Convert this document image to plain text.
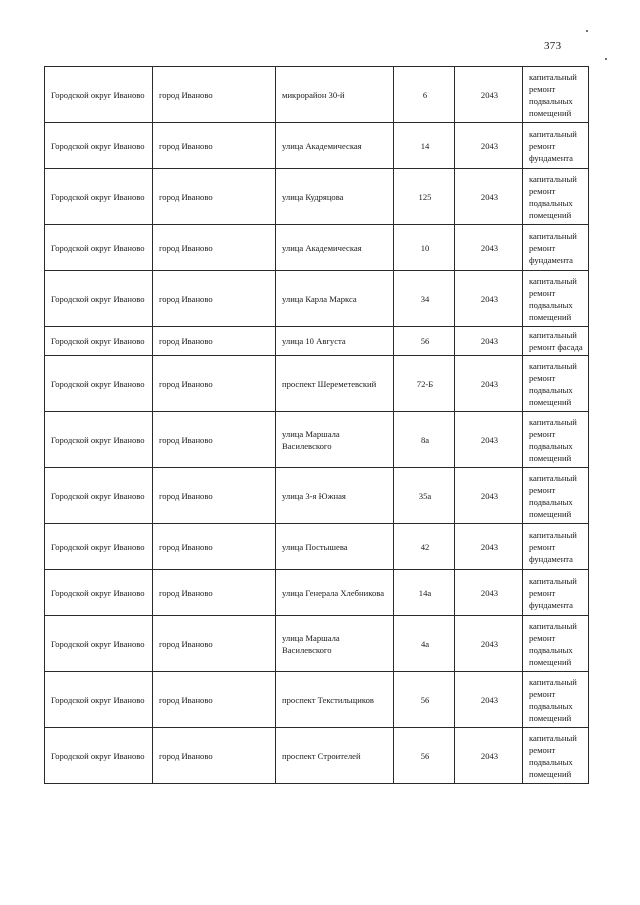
373
Городской округ Иваново	город Иваново	микрорайон 30-й	6	2043	капитальный ремонт подвальных помещений

Городской округ Иваново	город Иваново	улица Академическая	14	2043	капитальный ремонт фундамента

Городской округ Иваново	город Иваново	улица Кудряцова	125	2043	капитальный ремонт подвальных помещений

Городской округ Иваново	город Иваново	улица Академическая	10	2043	капитальный ремонт фундамента

Городской округ Иваново	город Иваново	улица Карла Маркса	34	2043	капитальный ремонт подвальных помещений

Городской округ Иваново	город Иваново	улица 10 Августа	56	2043	капитальный ремонт фасада

Городской округ Иваново	город Иваново	проспект Шереметевский	72-Б	2043	капитальный ремонт подвальных помещений

Городской округ Иваново	город Иваново	улица Маршала Василевского	8а	2043	капитальный ремонт подвальных помещений

Городской округ Иваново	город Иваново	улица 3-я Южная	35а	2043	капитальный ремонт подвальных помещений

Городской округ Иваново	город Иваново	улица Постышева	42	2043	капитальный ремонт фундамента

Городской округ Иваново	город Иваново	улица Генерала Хлебникова	14а	2043	капитальный ремонт фундамента

Городской округ Иваново	город Иваново	улица Маршала Василевского	4а	2043	капитальный ремонт подвальных помещений

Городской округ Иваново	город Иваново	проспект Текстильщиков	56	2043	капитальный ремонт подвальных помещений

Городской округ Иваново	город Иваново	проспект Строителей	56	2043	капитальный ремонт подвальных помещений
